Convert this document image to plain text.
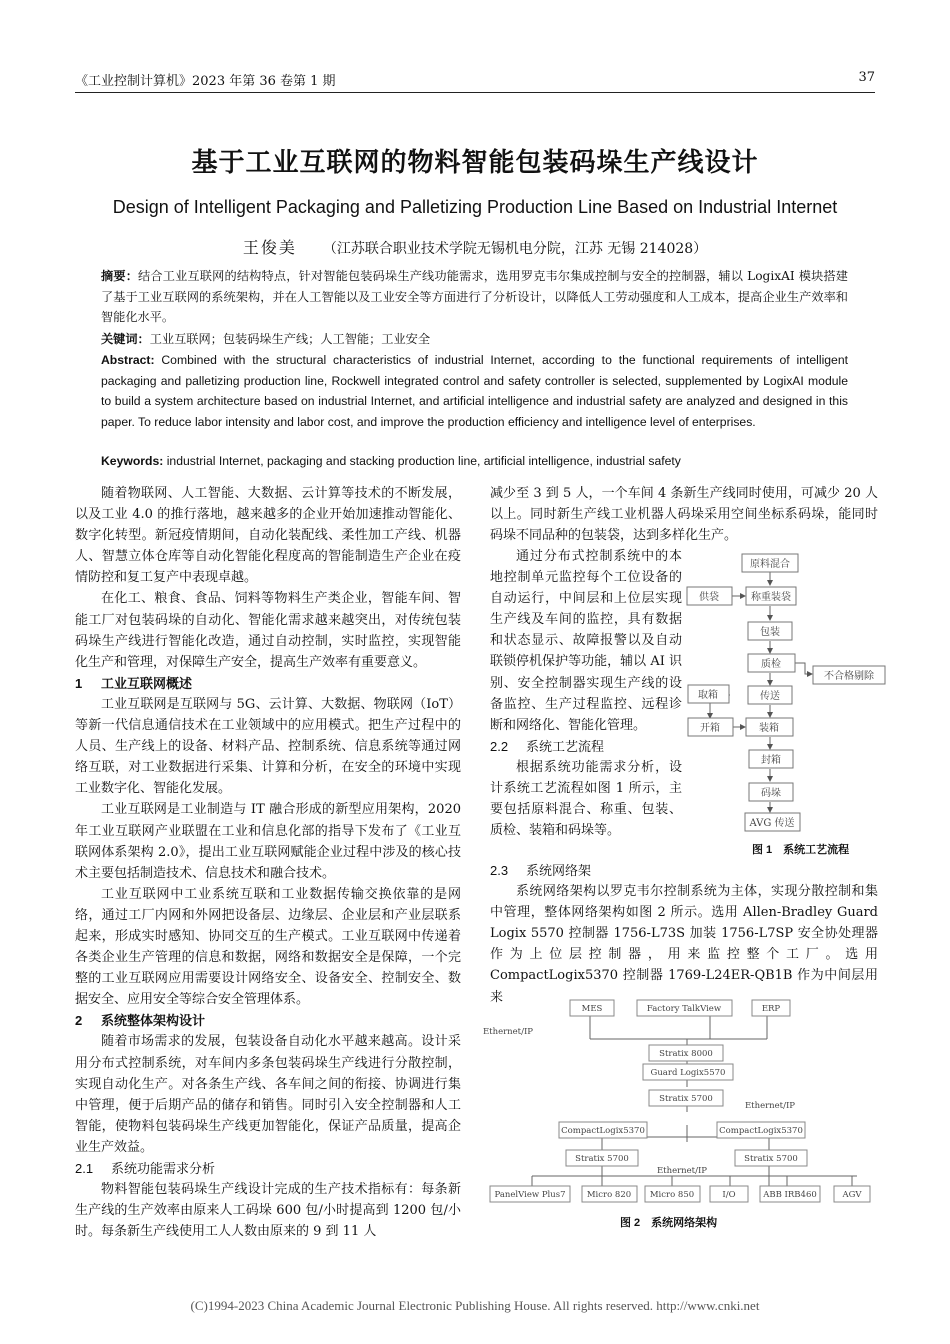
《工业控制计算机》2023 年第 36 卷第 1 期	37
基于工业互联网的物料智能包装码垛生产线设计
Design of Intelligent Packaging and Palletizing Production Line Based on Industrial Internet
王俊美 （江苏联合职业技术学院无锡机电分院，江苏 无锡 214028）
摘要：结合工业互联网的结构特点，针对智能包装码垛生产线功能需求，选用罗克韦尔集成控制与安全的控制器，辅以 LogixAI 模块搭建了基于工业互联网的系统架构，并在人工智能以及工业安全等方面进行了分析设计，以降低人工劳动强度和人工成本，提高企业生产效率和智能化水平。
关键词：工业互联网；包装码垛生产线；人工智能；工业安全
Abstract: Combined with the structural characteristics of industrial Internet, according to the functional requirements of intelligent packaging and palletizing production line, Rockwell integrated control and safety controller is selected, supplemented by LogixAI module to build a system architecture based on industrial Internet, and artificial intelligence and industrial safety are analyzed and designed in this paper. To reduce labor intensity and labor cost, and improve the production efficiency and intelligence level of enterprises.
Keywords: industrial Internet, packaging and stacking production line, artificial intelligence, industrial safety

随着物联网、人工智能、大数据、云计算等技术的不断发展，以及工业 4.0 的推行落地，越来越多的企业开始加速推动智能化、数字化转型。新冠疫情期间，自动化装配线、柔性加工产线、机器人、智慧立体仓库等自动化智能化程度高的智能制造生产企业在疫情防控和复工复产中表现卓越。

在化工、粮食、食品、饲料等物料生产类企业，智能车间、智能工厂对包装码垛的自动化、智能化需求越来越突出，对传统包装码垛生产线进行智能化改造，通过自动控制，实时监控，实现智能化生产和管理，对保障生产安全，提高生产效率有重要意义。

1 工业互联网概述

工业互联网是互联网与 5G、云计算、大数据、物联网（IoT）等新一代信息通信技术在工业领域中的应用模式。把生产过程中的人员、生产线上的设备、材料产品、控制系统、信息系统等通过网络互联，对工业数据进行采集、计算和分析，在安全的环境中实现工业数字化、智能化发展。

工业互联网是工业制造与 IT 融合形成的新型应用架构，2020 年工业互联网产业联盟在工业和信息化部的指导下发布了《工业互联网体系架构 2.0》，提出工业互联网赋能企业过程中涉及的核心技术主要包括制造技术、信息技术和融合技术。

工业互联网中工业系统互联和工业数据传输交换依靠的是网络，通过工厂内网和外网把设备层、边缘层、企业层和产业层联系起来，形成实时感知、协同交互的生产模式。工业互联网中传递着各类企业生产管理的信息和数据，网络和数据安全是保障，一个完整的工业互联网应用需要设计网络安全、设备安全、控制安全、数据安全、应用安全等综合安全管理体系。

2 系统整体架构设计

随着市场需求的发展，包装设备自动化水平越来越高。设计采用分布式控制系统，对车间内多条包装码垛生产线进行分散控制，实现自动化生产。对各条生产线、各车间之间的衔接、协调进行集中管理，便于后期产品的储存和销售。同时引入安全控制器和人工智能，使物料包装码垛生产线更加智能化，保证产品质量，提高企业生产效益。

2.1 系统功能需求分析

物料智能包装码垛生产线设计完成的生产技术指标有：每条新生产线的生产效率由原来人工码垛 600 包/小时提高到 1200 包/小时。每条新生产线使用工人人数由原来的 9 到 11 人

减少至 3 到 5 人，一个车间 4 条新生产线同时使用，可减少 20 人以上。同时新生产线工业机器人码垛采用空间坐标系码垛，能同时码垛不同品种的包装袋，达到多样化生产。

通过分布式控制系统中的本地控制单元监控每个工位设备的自动运行，中间层和上位层实现生产线及车间的监控，具有数据和状态显示、故障报警以及自动联锁停机保护等功能，辅以 AI 识别、安全控制器实现生产线的设备监控、生产过程监控、远程诊断和网络化、智能化管理。

2.2 系统工艺流程

根据系统功能需求分析，设计系统工艺流程如图 1 所示，主要包括原料混合、称重、包装、质检、装箱和码垛等。

2.3 系统网络架

系统网络架构以罗克韦尔控制系统为主体，实现分散控制和集中管理，整体网络架构如图 2 所示。选用 Allen-Bradley Guard Logix 5570 控制器 1756-L73S 加装 1756-L7SP 安全协处理器作为上位层控制器，用来监控整个工厂。选用 CompactLogix5370 控制器 1769-L24ER-QB1B 作为中间层用来

原料混合
供袋	称重装袋
包装
质检
不合格剔除
取箱	传送
开箱	装箱
封箱
码垛
AVG 传送
图 1　系统工艺流程
MES	Factory TalkView	ERP
Stratix 8000
Guard Logix5570
Stratix 5700
CompactLogix5370	CompactLogix5370
Stratix 5700	Stratix 5700
PanelView Plus7	Micro 820 Micro 850	I/O	ABB IRB460	AGV
Ethernet/IP
Ethernet/IP
Ethernet/IP
图 2　系统网络架构
(C)1994-2023 China Academic Journal Electronic Publishing House. All rights reserved. http://www.cnki.net
